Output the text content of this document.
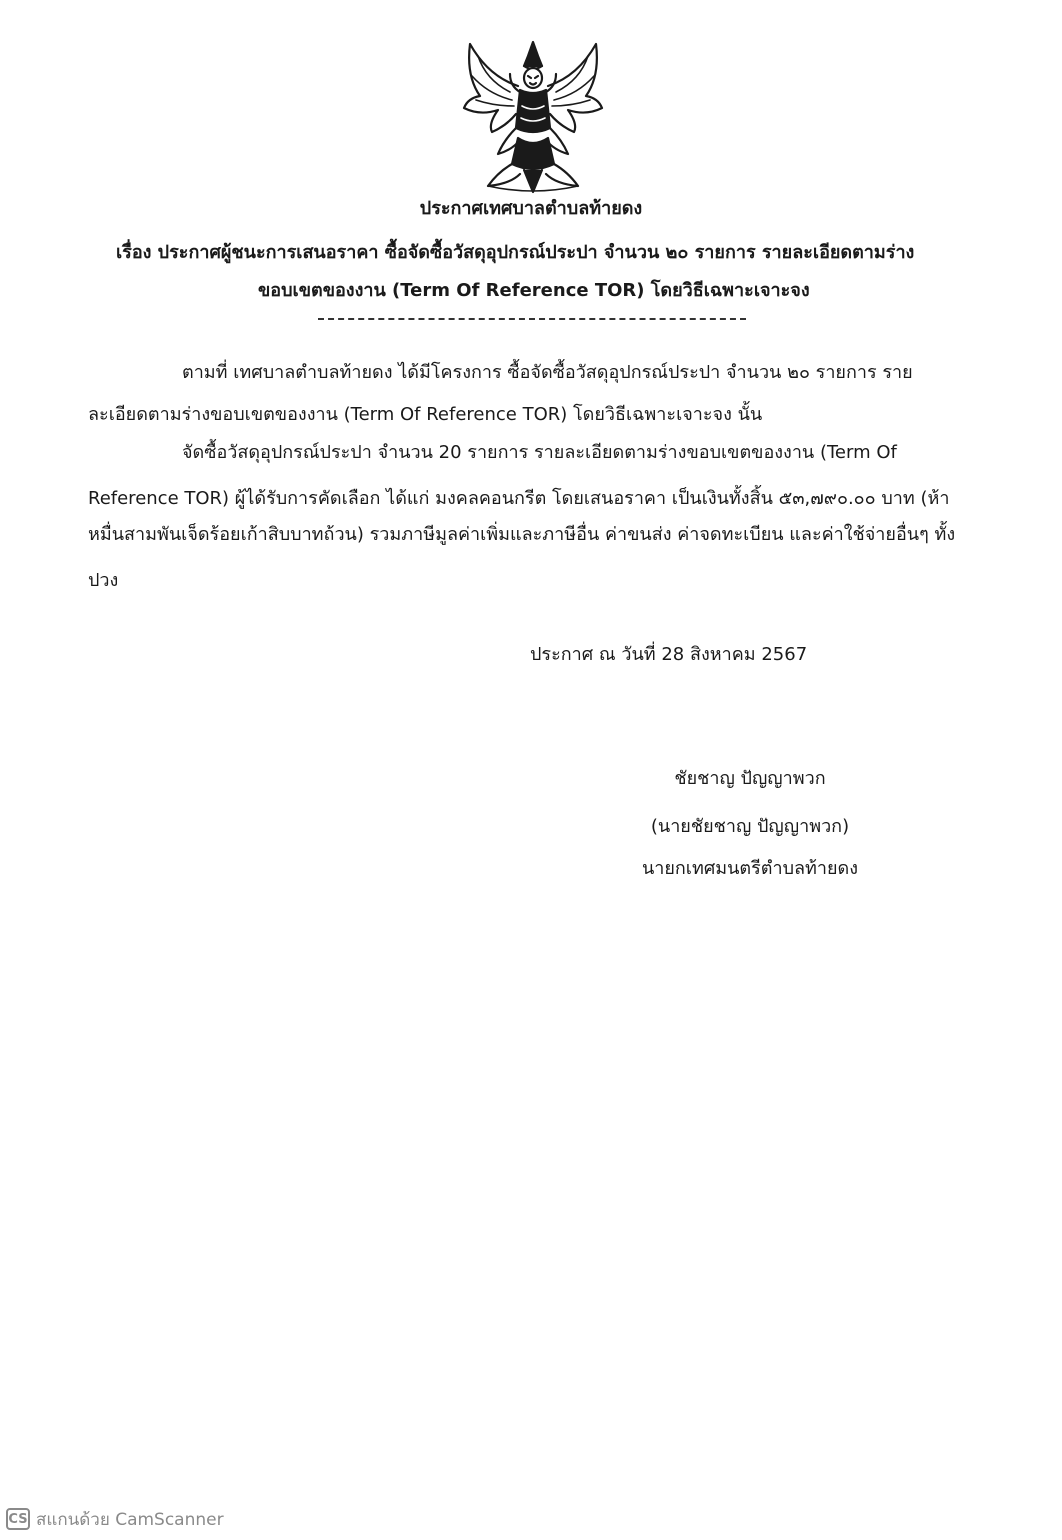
ประกาศเทศบาลตำบลท้ายดง
เรื่อง ประกาศผู้ชนะการเสนอราคา ซื้อจัดซื้อวัสดุอุปกรณ์ประปา จำนวน ๒๐ รายการ รายละเอียดตามร่าง
ขอบเขตของงาน (Term Of Reference TOR) โดยวิธีเฉพาะเจาะจง
ตามที่ เทศบาลตำบลท้ายดง ได้มีโครงการ ซื้อจัดซื้อวัสดุอุปกรณ์ประปา จำนวน ๒๐ รายการ ราย
ละเอียดตามร่างขอบเขตของงาน (Term Of Reference TOR) โดยวิธีเฉพาะเจาะจง นั้น
จัดซื้อวัสดุอุปกรณ์ประปา จำนวน 20 รายการ รายละเอียดตามร่างขอบเขตของงาน (Term Of
Reference TOR) ผู้ได้รับการคัดเลือก ได้แก่ มงคลคอนกรีต โดยเสนอราคา เป็นเงินทั้งสิ้น ๕๓,๗๙๐.๐๐ บาท (ห้า
หมื่นสามพันเจ็ดร้อยเก้าสิบบาทถ้วน) รวมภาษีมูลค่าเพิ่มและภาษีอื่น ค่าขนส่ง ค่าจดทะเบียน และค่าใช้จ่ายอื่นๆ ทั้ง
ปวง
ประกาศ ณ วันที่ 28 สิงหาคม 2567
ชัยชาญ ปัญญาพวก
(นายชัยชาญ ปัญญาพวก)
นายกเทศมนตรีตำบลท้ายดง
CS สแกนด้วย CamScanner
